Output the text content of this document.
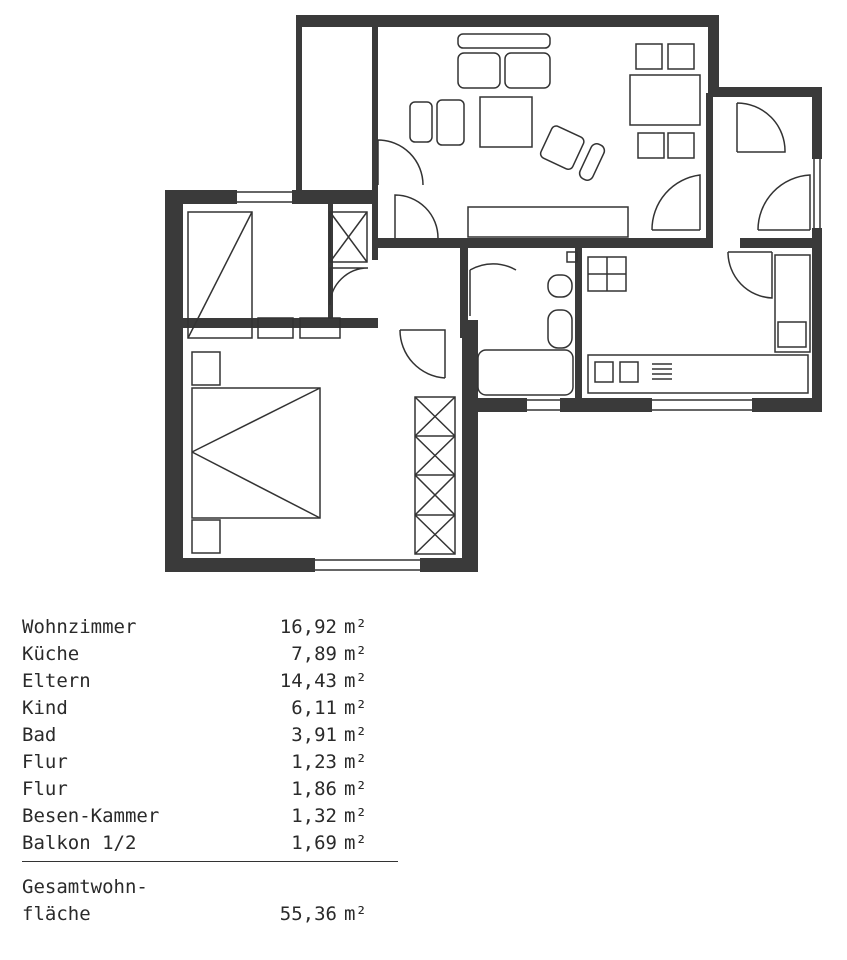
Wohnzimmer	16,92 m²
Küche	7,89 m²
Eltern	14,43 m²
Kind	6,11 m²
Bad	3,91 m²
Flur	1,23 m²
Flur	1,86 m²
Besen-Kammer	1,32 m²
Balkon 1/2	1,69 m²
Gesamtwohn-
fläche	55,36 m²
